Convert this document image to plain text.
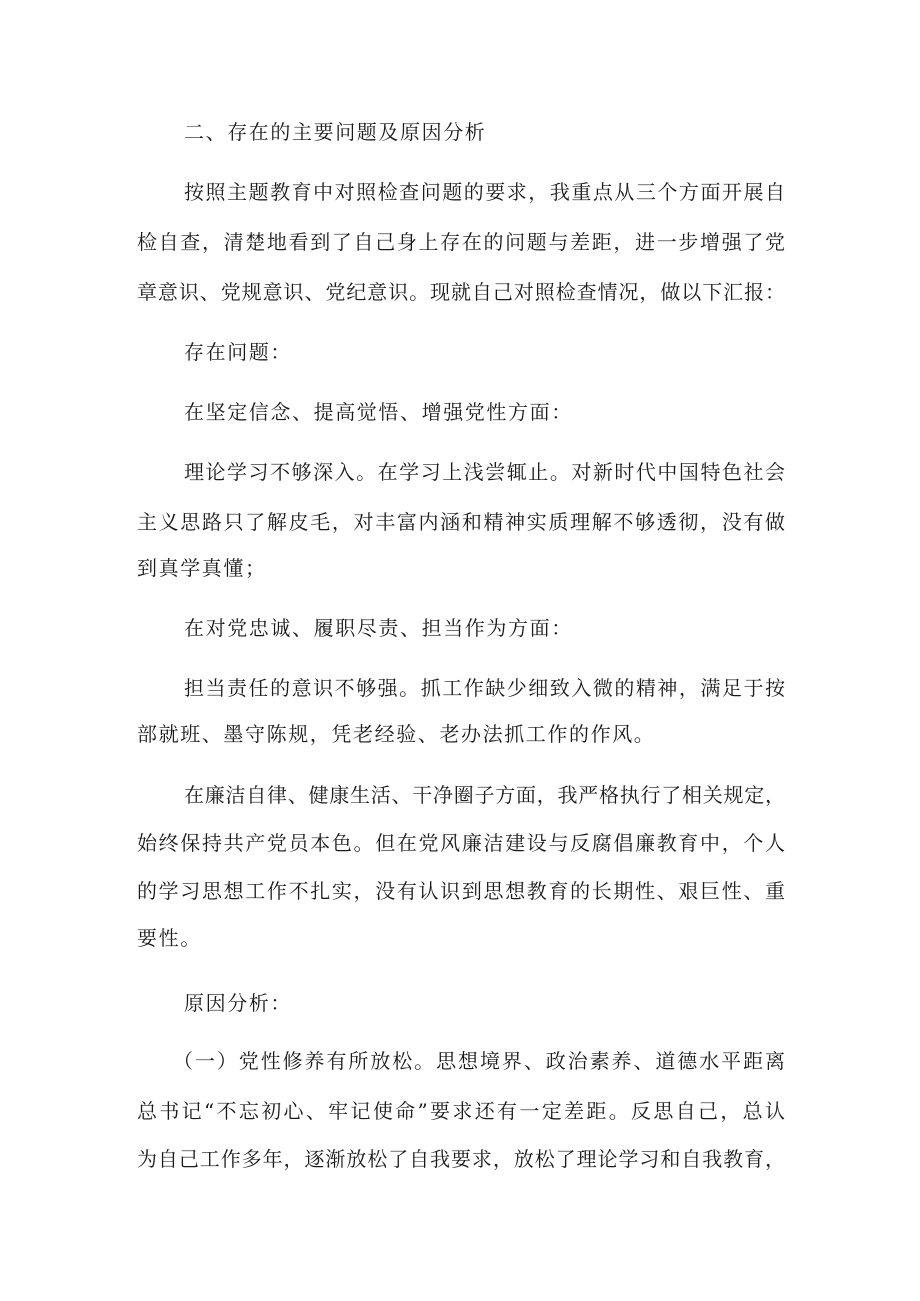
二、存在的主要问题及原因分析
按照主题教育中对照检查问题的要求，我重点从三个方面开展自
检自查，清楚地看到了自己身上存在的问题与差距，进一步增强了党
章意识、党规意识、党纪意识。现就自己对照检查情况，做以下汇报：
存在问题：
在坚定信念、提高觉悟、增强党性方面：
理论学习不够深入。在学习上浅尝辄止。对新时代中国特色社会
主义思路只了解皮毛，对丰富内涵和精神实质理解不够透彻，没有做
到真学真懂；
在对党忠诚、履职尽责、担当作为方面：
担当责任的意识不够强。抓工作缺少细致入微的精神，满足于按
部就班、墨守陈规，凭老经验、老办法抓工作的作风。
在廉洁自律、健康生活、干净圈子方面，我严格执行了相关规定，
始终保持共产党员本色。但在党风廉洁建设与反腐倡廉教育中，个人
的学习思想工作不扎实，没有认识到思想教育的长期性、艰巨性、重
要性。
原因分析：
（一）党性修养有所放松。思想境界、政治素养、道德水平距离
总书记“不忘初心、牢记使命”要求还有一定差距。反思自己，总认
为自己工作多年，逐渐放松了自我要求，放松了理论学习和自我教育，
